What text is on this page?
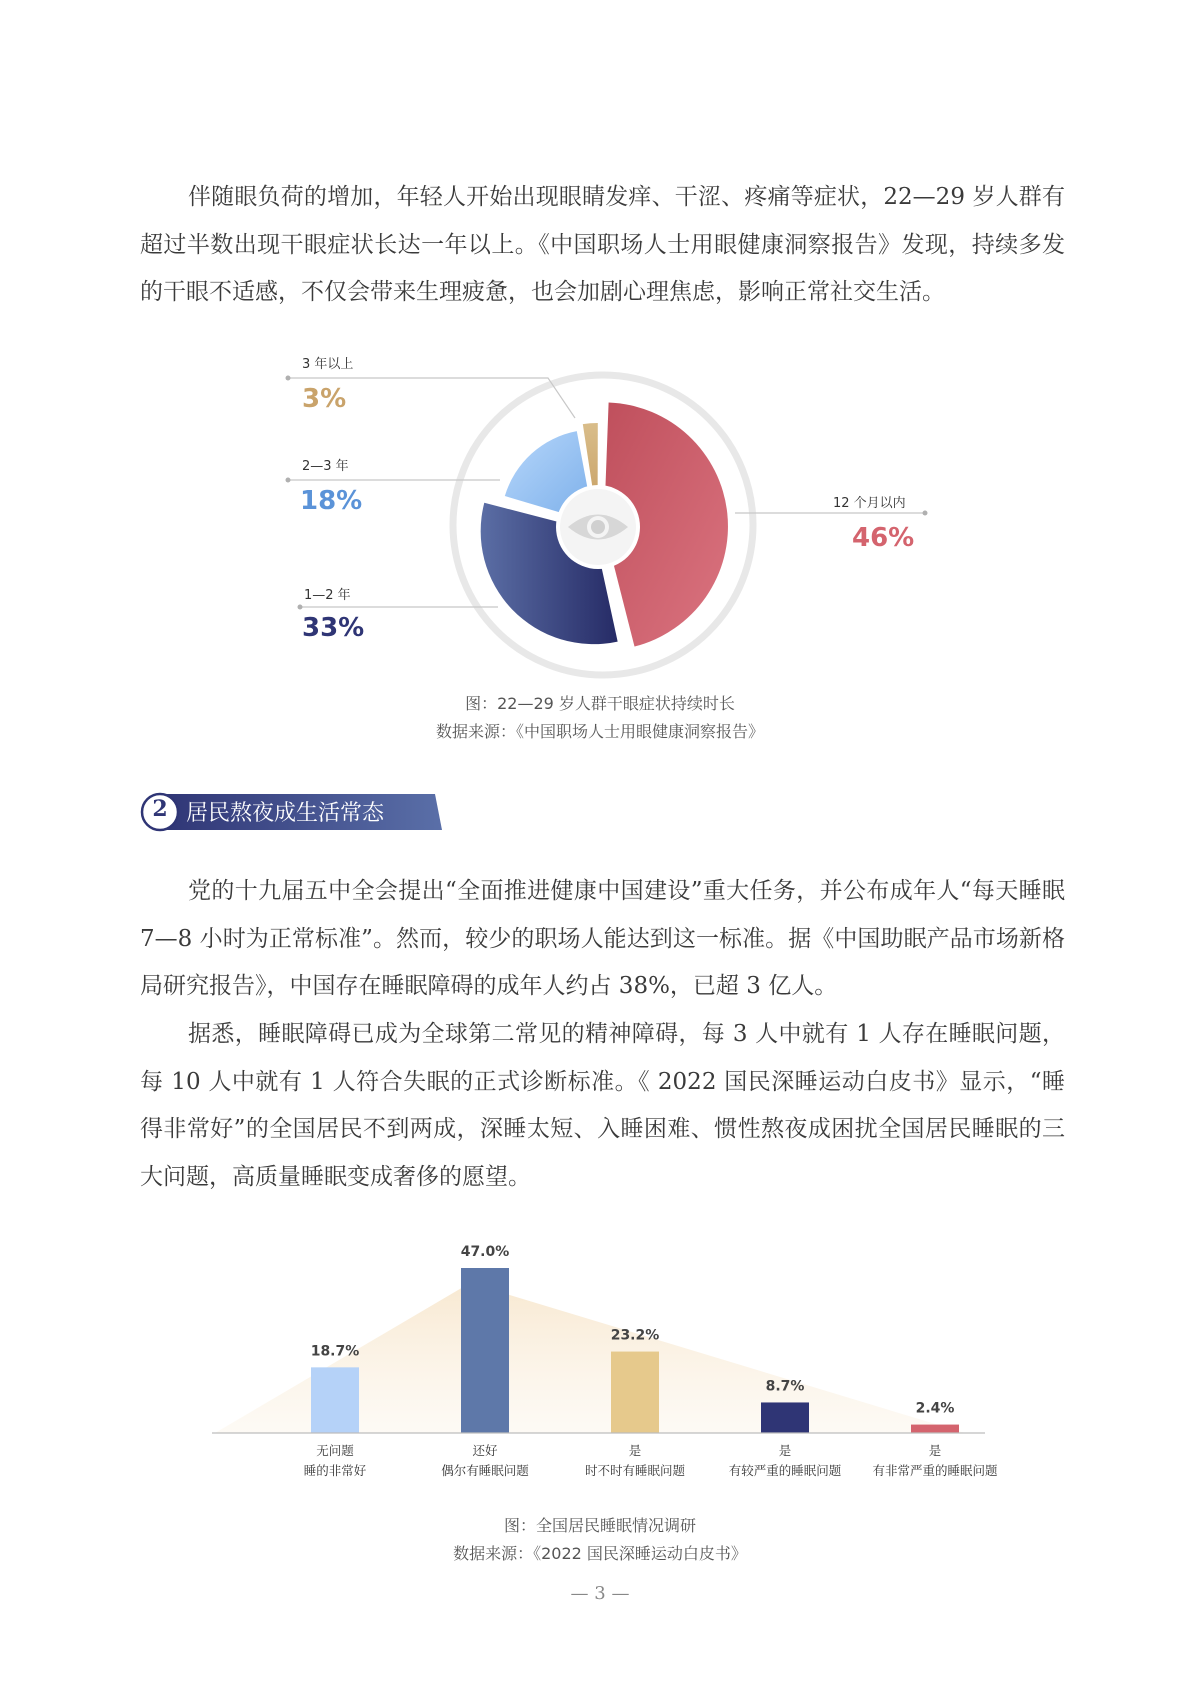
伴随眼负荷的增加，年轻人开始出现眼睛发痒、干涩、疼痛等症状，22—29 岁人群有超过半数出现干眼症状长达一年以上。《中国职场人士用眼健康洞察报告》发现，持续多发的干眼不适感，不仅会带来生理疲惫，也会加剧心理焦虑，影响正常社交生活。

3 年以上
3%
2—3 年
18%
1—2 年
33%
12 个月以内
46%
图：22—29 岁人群干眼症状持续时长
数据来源：《中国职场人士用眼健康洞察报告》
2 居民熬夜成生活常态

党的十九届五中全会提出“全面推进健康中国建设”重大任务，并公布成年人“每天睡眠7—8 小时为正常标准”。然而，较少的职场人能达到这一标准。据《中国助眠产品市场新格局研究报告》，中国存在睡眠障碍的成年人约占 38%，已超 3 亿人。

据悉，睡眠障碍已成为全球第二常见的精神障碍，每 3 人中就有 1 人存在睡眠问题，每 10 人中就有 1 人符合失眠的正式诊断标准。《 2022 国民深睡运动白皮书》显示，“睡得非常好”的全国居民不到两成，深睡太短、入睡困难、惯性熬夜成困扰全国居民睡眠的三大问题，高质量睡眠变成奢侈的愿望。

18.7%
无问题
睡的非常好
47.0%
还好
偶尔有睡眠问题
23.2%
是
时不时有睡眠问题
8.7%
是
有较严重的睡眠问题
2.4%
是
有非常严重的睡眠问题
图：全国居民睡眠情况调研
数据来源：《2022 国民深睡运动白皮书》
— 3 —
